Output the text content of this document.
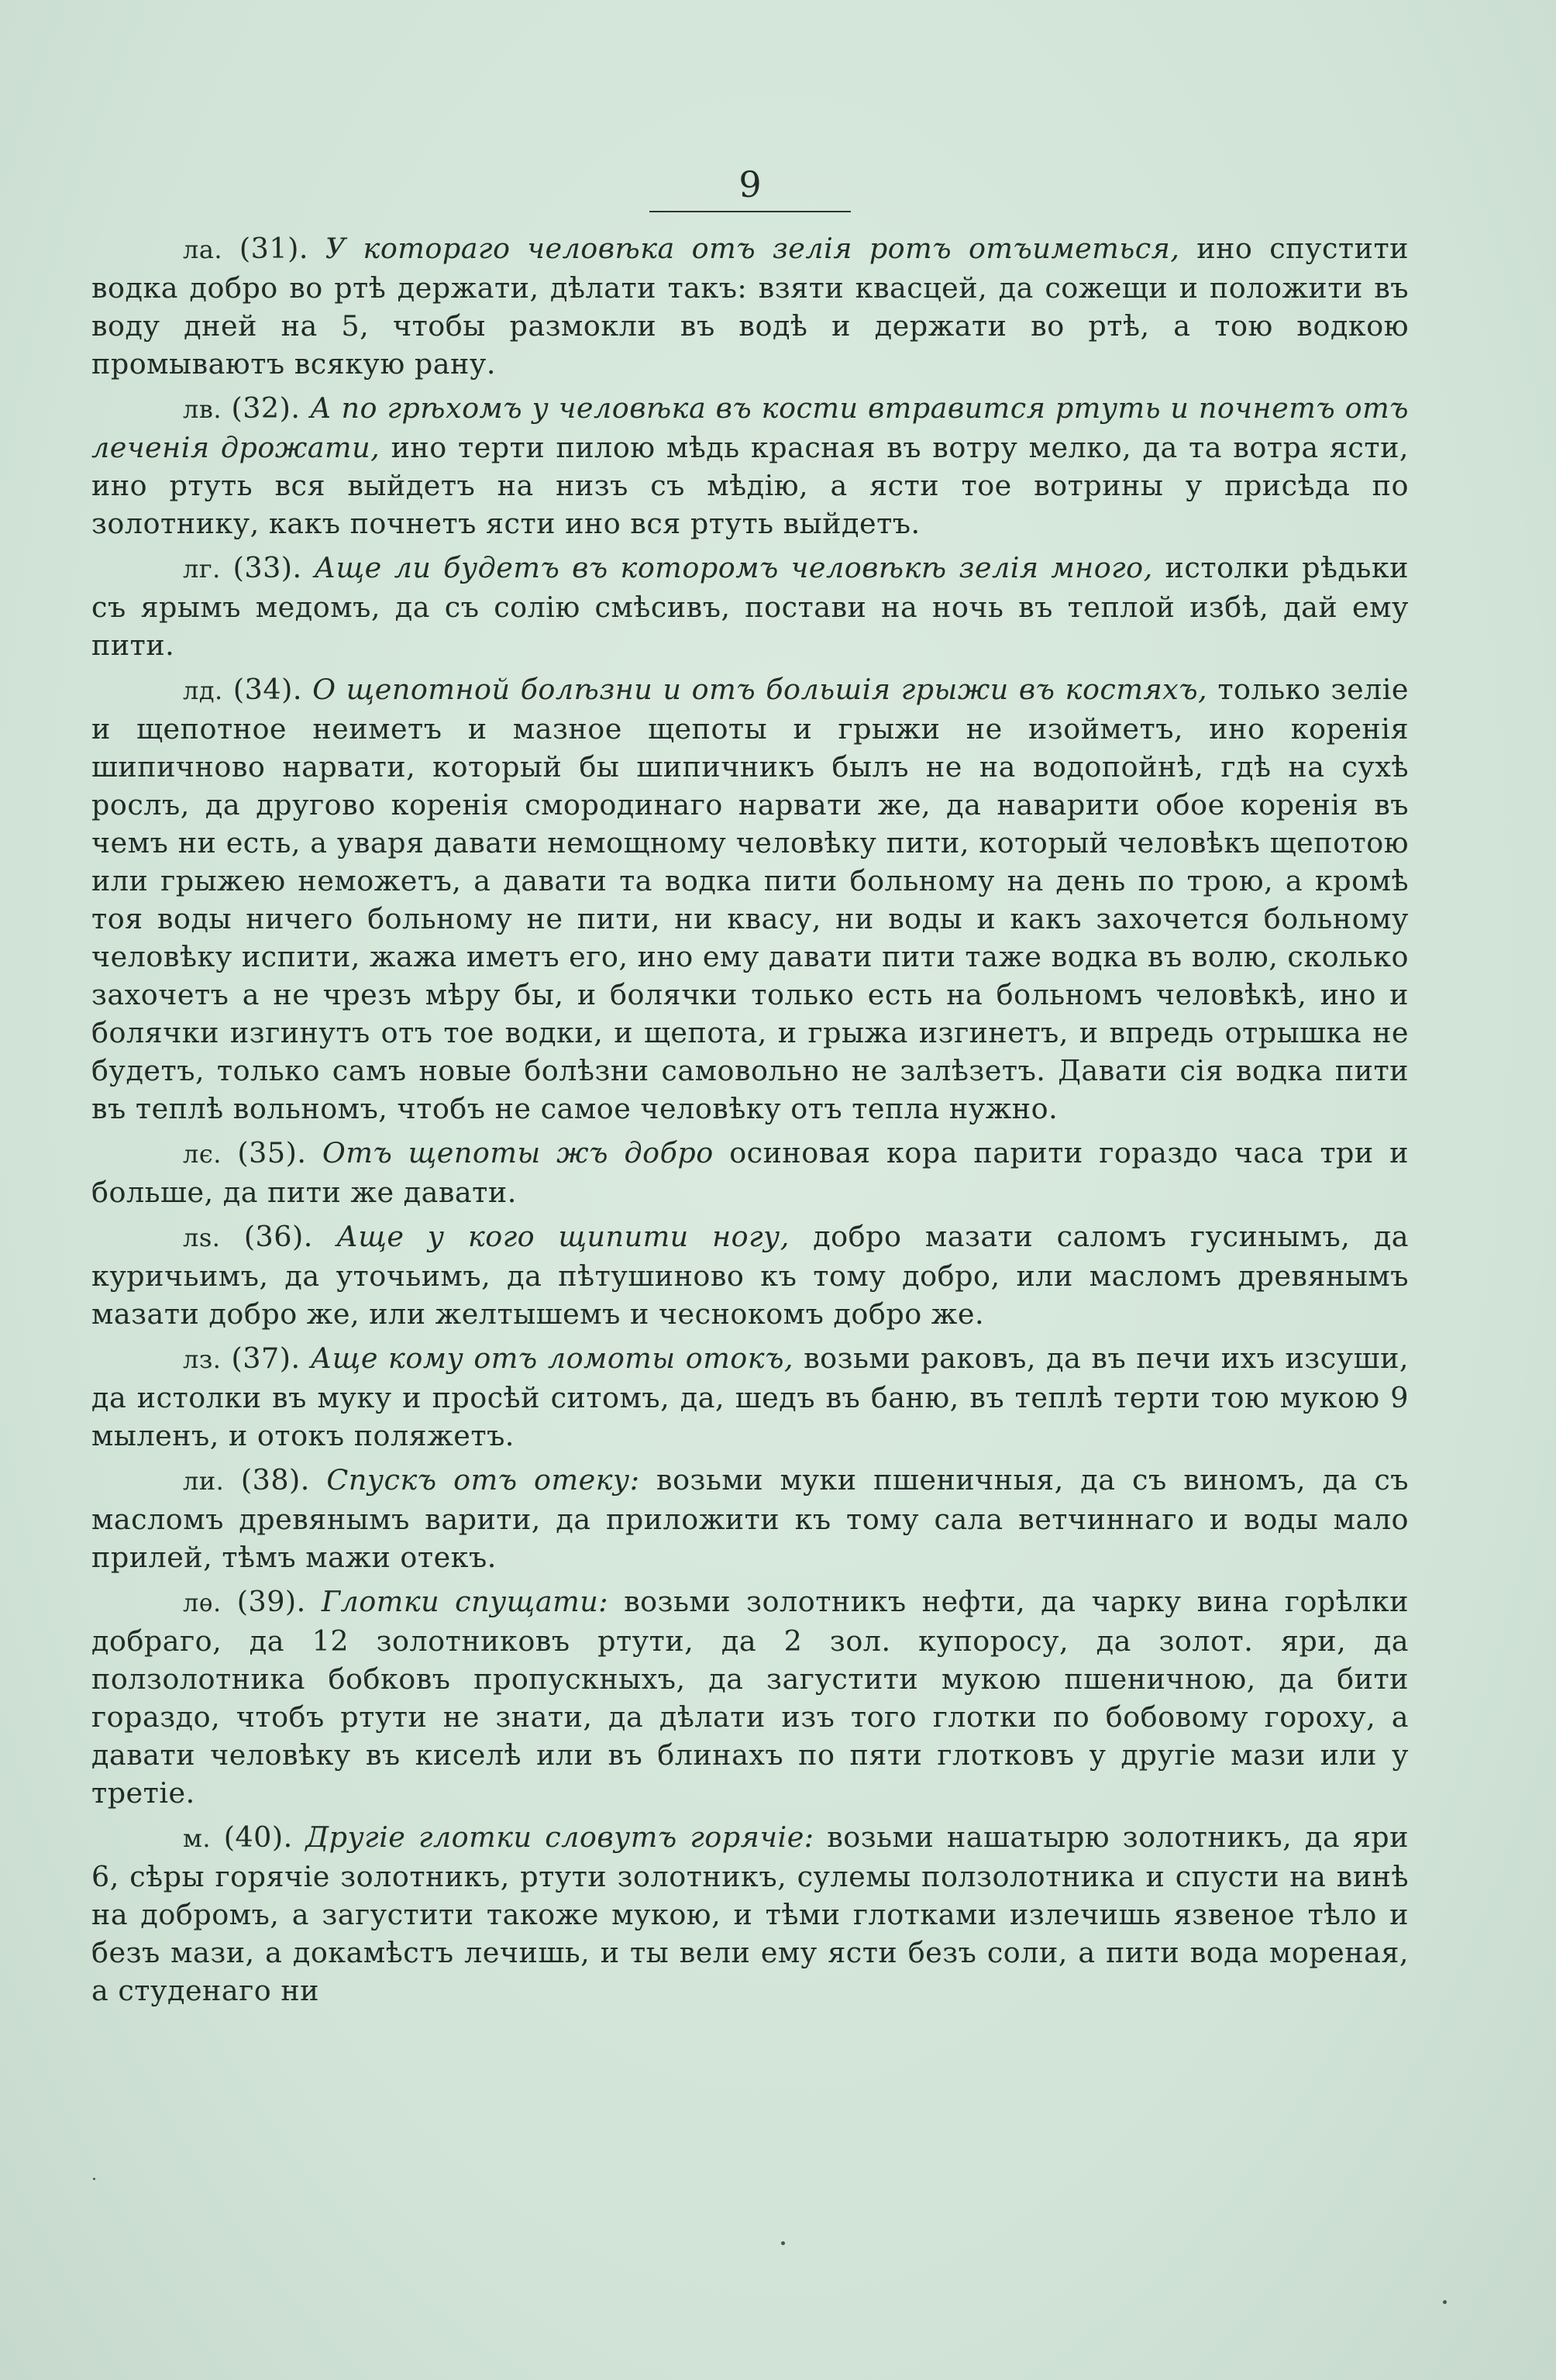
9

ла. (31). У котораго человѣка отъ зелія ротъ отъиметься, ино спустити водка добро во ртѣ держати, дѣлати такъ: взяти квасцей, да сожещи и положити въ воду дней на 5, чтобы размокли въ водѣ и держати во ртѣ, а тою водкою промываютъ всякую рану.

лв. (32). А по грѣхомъ у человѣка въ кости втравится ртуть и почнетъ отъ леченія дрожати, ино терти пилою мѣдь красная въ вотру мелко, да та вотра ясти, ино ртуть вся выйдетъ на низъ съ мѣдію, а ясти тое вотрины у присѣда по золотнику, какъ почнетъ ясти ино вся ртуть выйдетъ.

лг. (33). Аще ли будетъ въ которомъ человѣкѣ зелія много, истолки рѣдьки съ ярымъ медомъ, да съ солію смѣсивъ, постави на ночь въ теплой избѣ, дай ему пити.

лд. (34). О щепотной болѣзни и отъ большія грыжи въ костяхъ, только зеліе и щепотное неиметъ и мазное щепоты и грыжи не изойметъ, ино коренія шипичново нарвати, который бы шипичникъ былъ не на водопойнѣ, гдѣ на сухѣ рослъ, да другово коренія смородинаго нарвати же, да наварити обое коренія въ чемъ ни есть, а уваря давати немощному человѣку пити, который человѣкъ щепотою или грыжею неможетъ, а давати та водка пити больному на день по трою, а кромѣ тоя воды ничего больному не пити, ни квасу, ни воды и какъ захочется больному человѣку испити, жажа иметъ его, ино ему давати пити таже водка въ волю, сколько захочетъ а не чрезъ мѣру бы, и болячки только есть на больномъ человѣкѣ, ино и болячки изгинутъ отъ тое водки, и щепота, и грыжа изгинетъ, и впредь отрышка не будетъ, только самъ новые болѣзни самовольно не залѣзетъ. Давати сія водка пити въ теплѣ вольномъ, чтобъ не самое человѣку отъ тепла нужно.

лє. (35). Отъ щепоты жъ добро осиновая кора парити гораздо часа три и больше, да пити же давати.

лѕ. (36). Аще у кого щипити ногу, добро мазати саломъ гусинымъ, да куричьимъ, да уточьимъ, да пѣтушиново къ тому добро, или масломъ древянымъ мазати добро же, или желтышемъ и чеснокомъ добро же.

лз. (37). Аще кому отъ ломоты отокъ, возьми раковъ, да въ печи ихъ изсуши, да истолки въ муку и просѣй ситомъ, да, шедъ въ баню, въ теплѣ терти тою мукою 9 мыленъ, и отокъ поляжетъ.

ли. (38). Спускъ отъ отеку: возьми муки пшеничныя, да съ виномъ, да съ масломъ древянымъ варити, да приложити къ тому сала ветчиннаго и воды мало прилей, тѣмъ мажи отекъ.

лѳ. (39). Глотки спущати: возьми золотникъ нефти, да чарку вина горѣлки добраго, да 12 золотниковъ ртути, да 2 зол. купоросу, да золот. яри, да ползолотника бобковъ пропускныхъ, да загустити мукою пшеничною, да бити гораздо, чтобъ ртути не знати, да дѣлати изъ того глотки по бобовому гороху, а давати человѣку въ киселѣ или въ блинахъ по пяти глотковъ у другіе мази или у третіе.

м. (40). Другіе глотки словутъ горячіе: возьми нашатырю золотникъ, да яри 6, сѣры горячіе золотникъ, ртути золотникъ, сулемы ползолотника и спусти на винѣ на добромъ, а загустити такоже мукою, и тѣми глотками излечишь язвеное тѣло и безъ мази, а докамѣстъ лечишь, и ты вели ему ясти безъ соли, а пити вода мореная, а студенаго ни
